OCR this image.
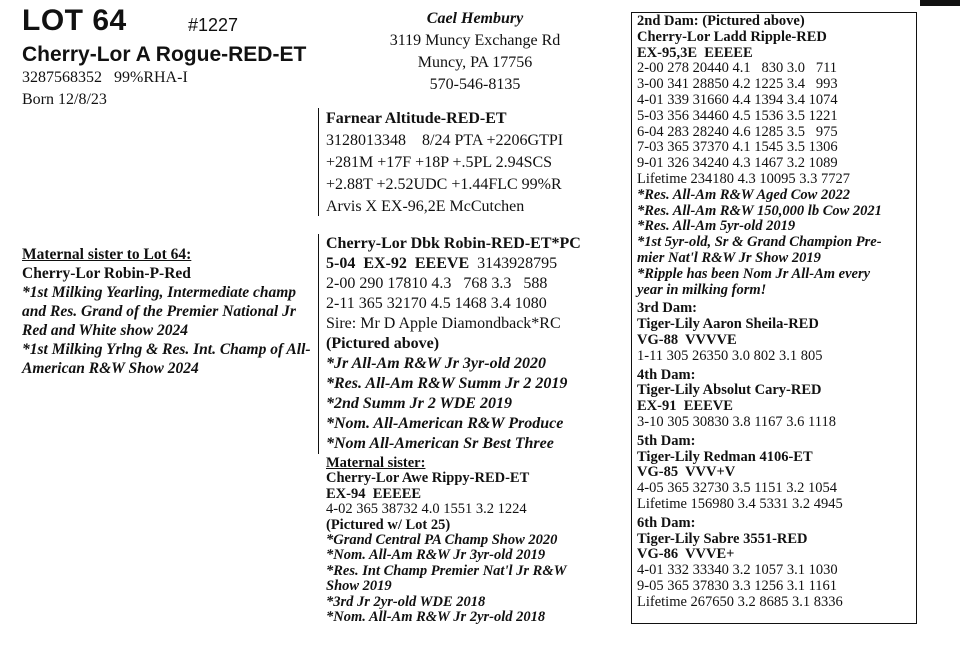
LOT 64	#1227
Cherry-Lor A Rogue-RED-ET
3287568352   99%RHA-I
Born 12/8/23
Cael Hembury
3119 Muncy Exchange Rd
Muncy, PA 17756
570-546-8135
Maternal sister to Lot 64:
Cherry-Lor Robin-P-Red
*1st Milking Yearling, Intermediate champ and Res. Grand of the Premier National Jr Red and White show 2024
*1st Milking Yrlng & Res. Int. Champ of All-American R&W Show 2024
Farnear Altitude-RED-ET
3128013348    8/24 PTA +2206GTPI
+281M +17F +18P +.5PL 2.94SCS
+2.88T +2.52UDC +1.44FLC 99%R
Arvis X EX-96,2E McCutchen
Cherry-Lor Dbk Robin-RED-ET*PC
5-04  EX-92  EEEVE 3143928795
2-00 290 17810 4.3   768 3.3   588
2-11 365 32170 4.5 1468 3.4 1080
Sire: Mr D Apple Diamondback*RC
(Pictured above)
*Jr All-Am R&W Jr 3yr-old 2020
*Res. All-Am R&W Summ Jr 2 2019
*2nd Summ Jr 2 WDE 2019
*Nom. All-American R&W Produce
*Nom All-American Sr Best Three
Maternal sister:
Cherry-Lor Awe Rippy-RED-ET
EX-94  EEEEE
4-02 365 38732 4.0 1551 3.2 1224
(Pictured w/ Lot 25)
*Grand Central PA Champ Show 2020
*Nom. All-Am R&W Jr 3yr-old 2019
*Res. Int Champ Premier Nat'l Jr R&W
Show 2019
*3rd Jr 2yr-old WDE 2018
*Nom. All-Am R&W Jr 2yr-old 2018
2nd Dam: (Pictured above)
Cherry-Lor Ladd Ripple-RED
EX-95,3E  EEEEE
2-00 278 20440 4.1   830 3.0   711
3-00 341 28850 4.2 1225 3.4   993
4-01 339 31660 4.4 1394 3.4 1074
5-03 356 34460 4.5 1536 3.5 1221
6-04 283 28240 4.6 1285 3.5   975
7-03 365 37370 4.1 1545 3.5 1306
9-01 326 34240 4.3 1467 3.2 1089
Lifetime 234180 4.3 10095 3.3 7727
*Res. All-Am R&W Aged Cow 2022
*Res. All-Am R&W 150,000 lb Cow 2021
*Res. All-Am 5yr-old 2019
*1st 5yr-old, Sr & Grand Champion Pre-
mier Nat'l R&W Jr Show 2019
*Ripple has been Nom Jr All-Am every
year in milking form!
3rd Dam:
Tiger-Lily Aaron Sheila-RED
VG-88  VVVVE
1-11 305 26350 3.0 802 3.1 805
4th Dam:
Tiger-Lily Absolut Cary-RED
EX-91  EEEVE
3-10 305 30830 3.8 1167 3.6 1118
5th Dam:
Tiger-Lily Redman 4106-ET
VG-85  VVV+V
4-05 365 32730 3.5 1151 3.2 1054
Lifetime 156980 3.4 5331 3.2 4945
6th Dam:
Tiger-Lily Sabre 3551-RED
VG-86  VVVE+
4-01 332 33340 3.2 1057 3.1 1030
9-05 365 37830 3.3 1256 3.1 1161
Lifetime 267650 3.2 8685 3.1 8336
